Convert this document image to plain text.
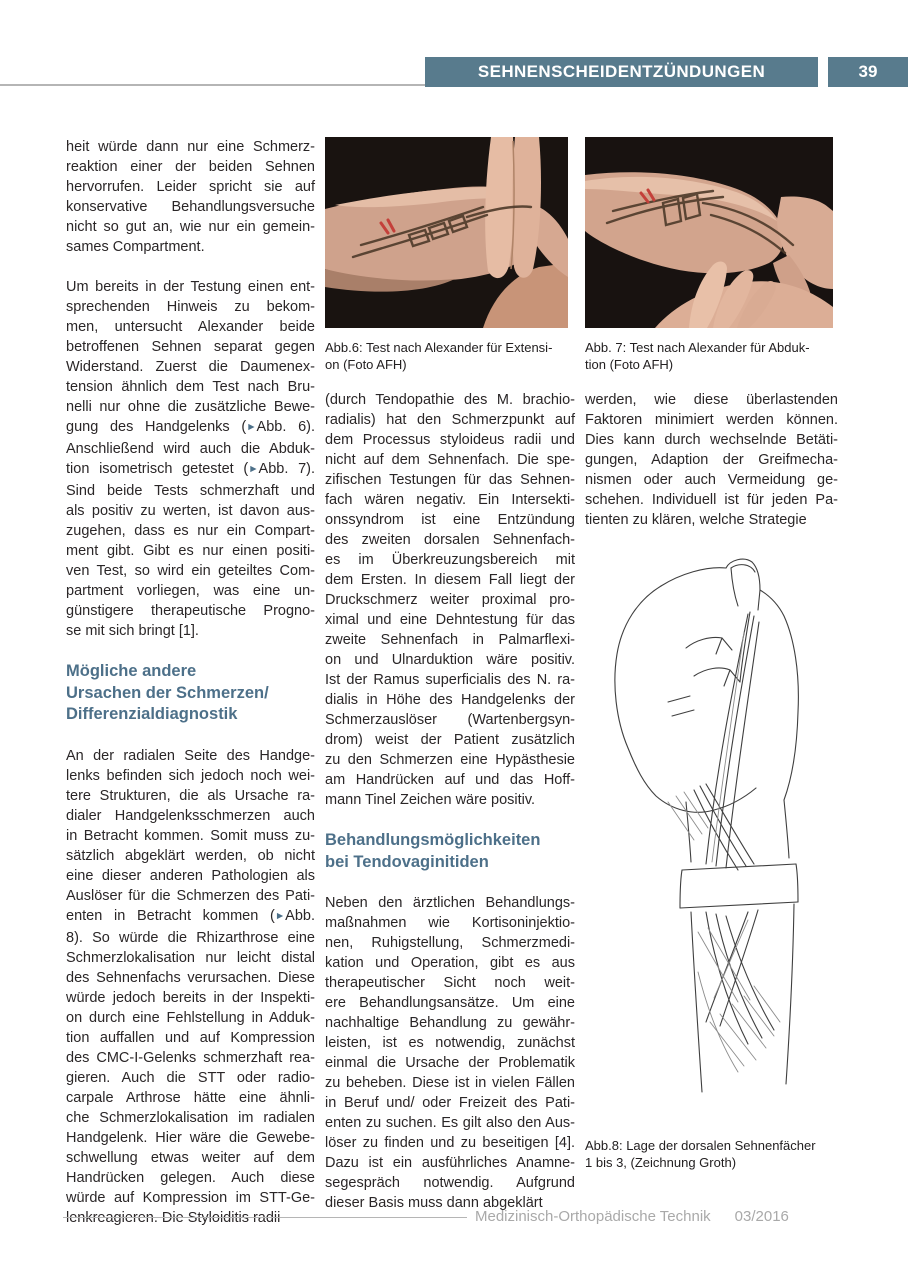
SEHNENSCHEIDENTZÜNDUNGEN	39
heit würde dann nur eine Schmerz-
reaktion einer der beiden Sehnen
hervorrufen. Leider spricht sie auf
konservative Behandlungsversuche
nicht so gut an, wie nur ein gemein-
sames Compartment.
Um bereits in der Testung einen ent-
sprechenden Hinweis zu bekom-
men, untersucht Alexander beide
betroffenen Sehnen separat gegen
Widerstand. Zuerst die Daumenex-
tension ähnlich dem Test nach Bru-
nelli nur ohne die zusätzliche Bewe-
gung des Handgelenks (►Abb. 6).
Anschließend wird auch die Abduk-
tion isometrisch getestet (►Abb. 7).
Sind beide Tests schmerzhaft und
als positiv zu werten, ist davon aus-
zugehen, dass es nur ein Compart-
ment gibt. Gibt es nur einen positi-
ven Test, so wird ein geteiltes Com-
partment vorliegen, was eine un-
günstigere therapeutische Progno-
se mit sich bringt [1].
Mögliche andere
Ursachen der Schmerzen/
Differenzialdiagnostik
An der radialen Seite des Handge-
lenks befinden sich jedoch noch wei-
tere Strukturen, die als Ursache ra-
dialer Handgelenksschmerzen auch
in Betracht kommen. Somit muss zu-
sätzlich abgeklärt werden, ob nicht
eine dieser anderen Pathologien als
Auslöser für die Schmerzen des Pati-
enten in Betracht kommen (►Abb.
8). So würde die Rhizarthrose eine
Schmerzlokalisation nur leicht distal
des Sehnenfachs verursachen. Diese
würde jedoch bereits in der Inspekti-
on durch eine Fehlstellung in Adduk-
tion auffallen und auf Kompression
des CMC-I-Gelenks schmerzhaft rea-
gieren. Auch die STT oder radio-
carpale Arthrose hätte eine ähnli-
che Schmerzlokalisation im radialen
Handgelenk. Hier wäre die Gewebe-
schwellung etwas weiter auf dem
Handrücken gelegen. Auch diese
würde auf Kompression im STT-Ge-
lenkreagieren. Die Styloiditis radii
Abb.6: Test nach Alexander für Extensi-
on (Foto AFH)
Abb. 7: Test nach Alexander für Abduk-
tion (Foto AFH)
(durch Tendopathie des M. brachio-
radialis) hat den Schmerzpunkt auf
dem Processus styloideus radii und
nicht auf dem Sehnenfach. Die spe-
zifischen Testungen für das Sehnen-
fach wären negativ. Ein Intersekti-
onssyndrom ist eine Entzündung
des zweiten dorsalen Sehnenfach-
es im Überkreuzungsbereich mit
dem Ersten. In diesem Fall liegt der
Druckschmerz weiter proximal pro-
ximal und eine Dehntestung für das
zweite Sehnenfach in Palmarflexi-
on und Ulnarduktion wäre positiv.
Ist der Ramus superficialis des N. ra-
dialis in Höhe des Handgelenks der
Schmerzauslöser (Wartenbergsyn-
drom) weist der Patient zusätzlich
zu den Schmerzen eine Hypästhesie
am Handrücken auf und das Hoff-
mann Tinel Zeichen wäre positiv.
Behandlungsmöglichkeiten
bei Tendovaginitiden
Neben den ärztlichen Behandlungs-
maßnahmen wie Kortisoninjektio-
nen, Ruhigstellung, Schmerzmedi-
kation und Operation, gibt es aus
therapeutischer Sicht noch weit-
ere Behandlungsansätze. Um eine
nachhaltige Behandlung zu gewähr-
leisten, ist es notwendig, zunächst
einmal die Ursache der Problematik
zu beheben. Diese ist in vielen Fällen
in Beruf und/ oder Freizeit des Pati-
enten zu suchen. Es gilt also den Aus-
löser zu finden und zu beseitigen [4].
Dazu ist ein ausführliches Anamne-
segespräch notwendig. Aufgrund
dieser Basis muss dann abgeklärt
werden, wie diese überlastenden
Faktoren minimiert werden können.
Dies kann durch wechselnde Betäti-
gungen, Adaption der Greifmecha-
nismen oder auch Vermeidung ge-
schehen. Individuell ist für jeden Pa-
tienten zu klären, welche Strategie
Abb.8: Lage der dorsalen Sehnenfächer
1 bis 3, (Zeichnung Groth)
Medizinisch-Orthopädische Technik 03/2016
